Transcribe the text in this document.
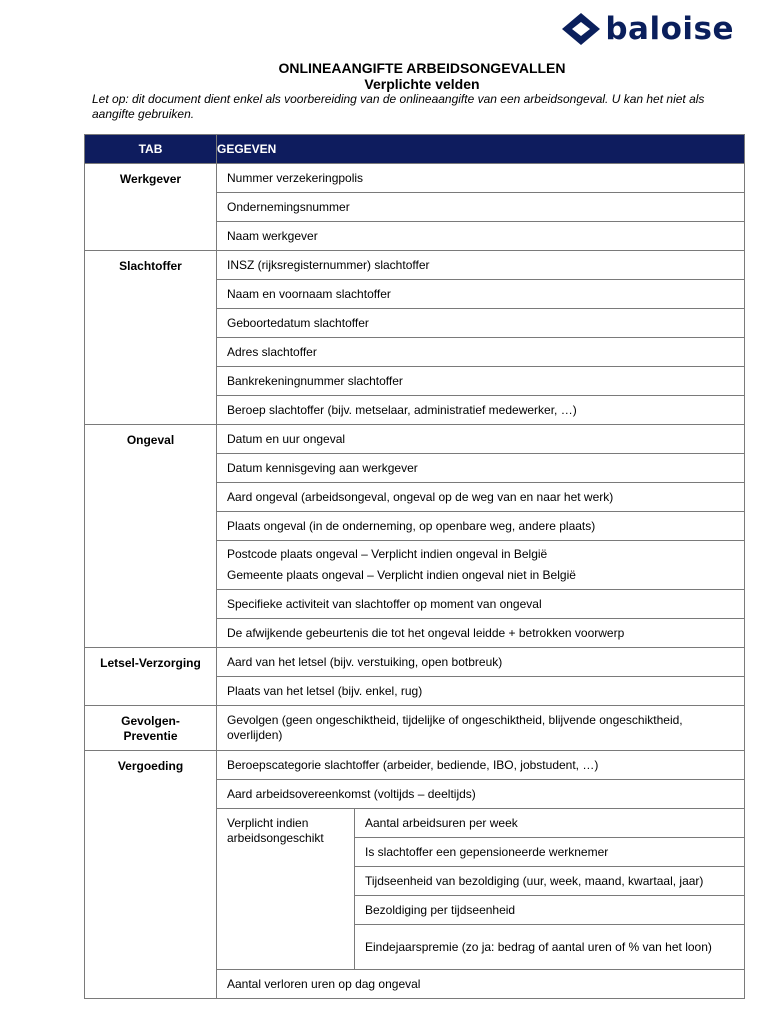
baloise
ONLINEAANGIFTE ARBEIDSONGEVALLEN
Verplichte velden
Let op: dit document dient enkel als voorbereiding van de onlineaangifte van een arbeidsongeval. U kan het niet als aangifte gebruiken.
TAB	GEGEVEN
Werkgever	Nummer verzekeringpolis
Ondernemingsnummer
Naam werkgever
Slachtoffer	INSZ (rijksregisternummer) slachtoffer
Naam en voornaam slachtoffer
Geboortedatum slachtoffer
Adres slachtoffer
Bankrekeningnummer slachtoffer
Beroep slachtoffer (bijv. metselaar, administratief medewerker, …)
Ongeval	Datum en uur ongeval
Datum kennisgeving aan werkgever
Aard ongeval (arbeidsongeval, ongeval op de weg van en naar het werk)
Plaats ongeval (in de onderneming, op openbare weg, andere plaats)

Postcode plaats ongeval – Verplicht indien ongeval in België
Gemeente plaats ongeval – Verplicht indien ongeval niet in België

Specifieke activiteit van slachtoffer op moment van ongeval
De afwijkende gebeurtenis die tot het ongeval leidde + betrokken voorwerp
Letsel-Verzorging	Aard van het letsel (bijv. verstuiking, open botbreuk)
Plaats van het letsel (bijv. enkel, rug)

Gevolgen-
Preventie
	Gevolgen (geen ongeschiktheid, tijdelijke of ongeschiktheid, blijvende ongeschiktheid, overlijden)
Vergoeding	Beroepscategorie slachtoffer (arbeider, bediende, IBO, jobstudent, …)
Aard arbeidsovereenkomst (voltijds – deeltijds)

Verplicht indien arbeidsongeschikt	Aantal arbeidsuren per week
Is slachtoffer een gepensioneerde werknemer
Tijdseenheid van bezoldiging (uur, week, maand, kwartaal, jaar)
Bezoldiging per tijdseenheid
Eindejaarspremie (zo ja: bedrag of aantal uren of % van het loon)

Aantal verloren uren op dag ongeval
